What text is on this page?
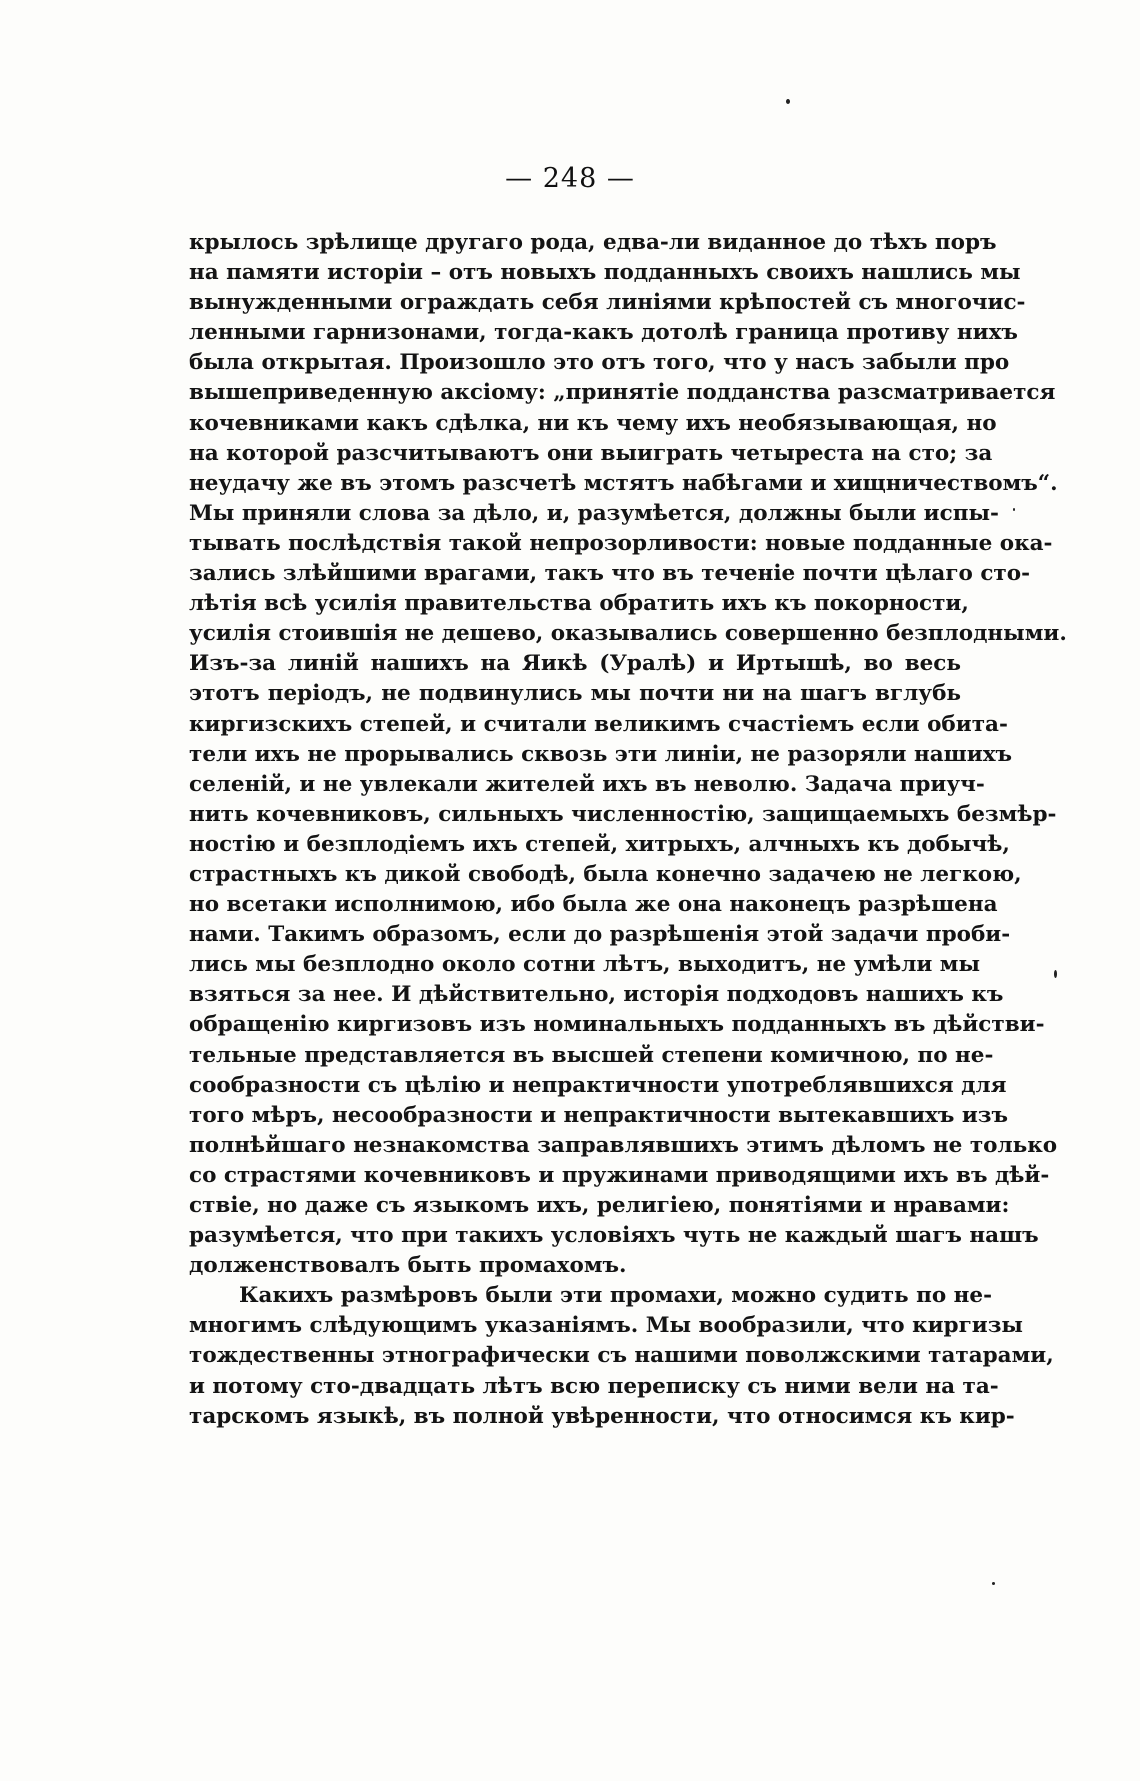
— 248 —
крылось зрѣлище другаго рода, едва-ли виданное до тѣхъ поръ
на памяти исторіи – отъ новыхъ подданныхъ своихъ нашлись мы
вынужденными ограждать себя линіями крѣпостей съ многочис-
ленными гарнизонами, тогда-какъ дотолѣ граница противу нихъ
была открытая. Произошло это отъ того, что у насъ забыли про
вышеприведенную аксіому: „принятіе подданства разсматривается
кочевниками какъ сдѣлка, ни къ чему ихъ необязывающая, но
на которой разсчитываютъ они выиграть четыреста на сто; за
неудачу же въ этомъ разсчетѣ мстятъ набѣгами и хищничествомъ“.
Мы приняли слова за дѣло, и, разумѣется, должны были испы-
тывать послѣдствія такой непрозорливости: новые подданные ока-
зались злѣйшими врагами, такъ что въ теченіе почти цѣлаго сто-
лѣтія всѣ усилія правительства обратить ихъ къ покорности,
усилія стоившія не дешево, оказывались совершенно безплодными.
Изъ-за линій нашихъ на Яикѣ (Уралѣ) и Иртышѣ, во весь
этотъ періодъ, не подвинулись мы почти ни на шагъ вглубь
киргизскихъ степей, и считали великимъ счастіемъ если обита-
тели ихъ не прорывались сквозь эти линіи, не разоряли нашихъ
селеній, и не увлекали жителей ихъ въ неволю. Задача приуч-
нить кочевниковъ, сильныхъ численностію, защищаемыхъ безмѣр-
ностію и безплодіемъ ихъ степей, хитрыхъ, алчныхъ къ добычѣ,
страстныхъ къ дикой свободѣ, была конечно задачею не легкою,
но всетаки исполнимою, ибо была же она наконецъ разрѣшена
нами. Такимъ образомъ, если до разрѣшенія этой задачи проби-
лись мы безплодно около сотни лѣтъ, выходитъ, не умѣли мы
взяться за нее. И дѣйствительно, исторія подходовъ нашихъ къ
обращенію киргизовъ изъ номинальныхъ подданныхъ въ дѣйстви-
тельные представляется въ высшей степени комичною, по не-
сообразности съ цѣлію и непрактичности употреблявшихся для
того мѣръ, несообразности и непрактичности вытекавшихъ изъ
полнѣйшаго незнакомства заправлявшихъ этимъ дѣломъ не только
со страстями кочевниковъ и пружинами приводящими ихъ въ дѣй-
ствіе, но даже съ языкомъ ихъ, религіею, понятіями и нравами:
разумѣется, что при такихъ условіяхъ чуть не каждый шагъ нашъ
долженствовалъ быть промахомъ.
Какихъ размѣровъ были эти промахи, можно судить по не-
многимъ слѣдующимъ указаніямъ. Мы вообразили, что киргизы
тождественны этнографически съ нашими поволжскими татарами,
и потому сто-двадцать лѣтъ всю переписку съ ними вели на та-
тарскомъ языкѣ, въ полной увѣренности, что относимся къ кир-
